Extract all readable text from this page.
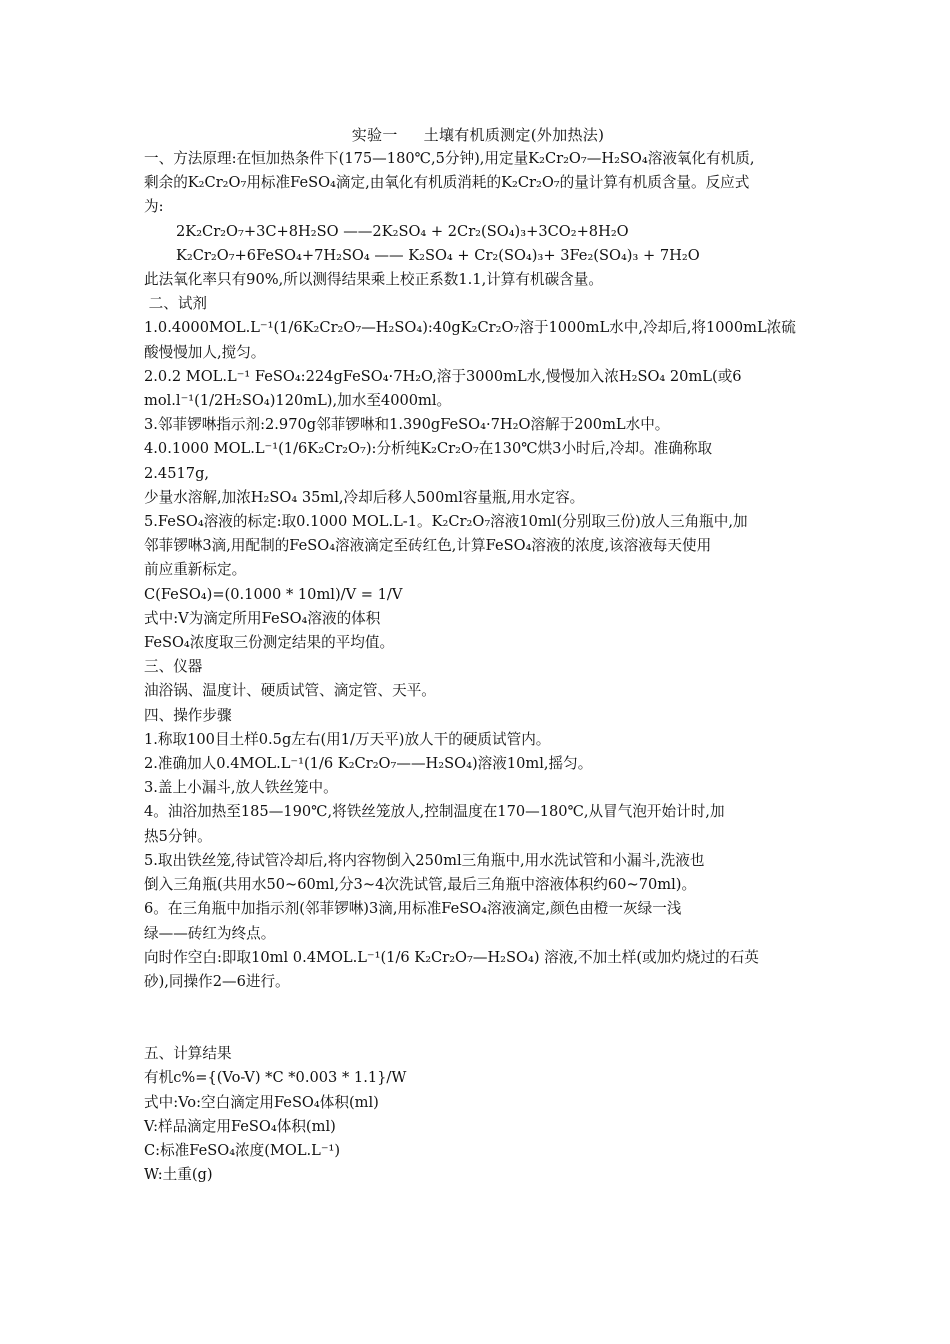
实验一 土壤有机质测定(外加热法)
一、方法原理:在恒加热条件下(175—180℃,5分钟),用定量K₂Cr₂O₇—H₂SO₄溶液氧化有机质,
剩余的K₂Cr₂O₇用标准FeSO₄滴定,由氧化有机质消耗的K₂Cr₂O₇的量计算有机质含量。反应式
为:
2K₂Cr₂O₇+3C+8H₂SO ——2K₂SO₄ + 2Cr₂(SO₄)₃+3CO₂+8H₂O
K₂Cr₂O₇+6FeSO₄+7H₂SO₄ —— K₂SO₄ + Cr₂(SO₄)₃+ 3Fe₂(SO₄)₃ + 7H₂O
此法氧化率只有90%,所以测得结果乘上校正系数1.1,计算有机碳含量。
二、试剂
1.0.4000MOL.L⁻¹(1/6K₂Cr₂O₇—H₂SO₄):40gK₂Cr₂O₇溶于1000mL水中,冷却后,将1000mL浓硫
酸慢慢加人,搅匀。
2.0.2 MOL.L⁻¹ FeSO₄:224gFeSO₄·7H₂O,溶于3000mL水,慢慢加入浓H₂SO₄ 20mL(或6
mol.l⁻¹(1/2H₂SO₄)120mL),加水至4000ml。
3.邻菲锣啉指示剂:2.970g邻菲锣啉和1.390gFeSO₄·7H₂O溶解于200mL水中。
4.0.1000 MOL.L⁻¹(1/6K₂Cr₂O₇):分析纯K₂Cr₂O₇在130℃烘3小时后,冷却。准确称取
2.4517g,
少量水溶解,加浓H₂SO₄ 35ml,冷却后移人500ml容量瓶,用水定容。
5.FeSO₄溶液的标定:取0.1000 MOL.L-1。K₂Cr₂O₇溶液10ml(分别取三份)放人三角瓶中,加
邻菲锣啉3滴,用配制的FeSO₄溶液滴定至砖红色,计算FeSO₄溶液的浓度,该溶液每天使用
前应重新标定。
C(FeSO₄)=(0.1000 * 10ml)/V = 1/V
式中:V为滴定所用FeSO₄溶液的体积
FeSO₄浓度取三份测定结果的平均值。
三、仪器
油浴锅、温度计、硬质试管、滴定管、天平。
四、操作步骤
1.称取100目土样0.5g左右(用1/万天平)放人干的硬质试管内。
2.准确加人0.4MOL.L⁻¹(1/6 K₂Cr₂O₇——H₂SO₄)溶液10ml,摇匀。
3.盖上小漏斗,放人铁丝笼中。
4。油浴加热至185—190℃,将铁丝笼放人,控制温度在170—180℃,从冒气泡开始计时,加
热5分钟。
5.取出铁丝笼,待试管冷却后,将内容物倒入250ml三角瓶中,用水洗试管和小漏斗,洗液也
倒入三角瓶(共用水50~60ml,分3~4次洗试管,最后三角瓶中溶液体积约60~70ml)。
6。在三角瓶中加指示剂(邻菲锣啉)3滴,用标准FeSO₄溶液滴定,颜色由橙一灰绿一浅
绿——砖红为终点。
向时作空白:即取10ml 0.4MOL.L⁻¹(1/6 K₂Cr₂O₇—H₂SO₄) 溶液,不加土样(或加灼烧过的石英
砂),同操作2—6进行。
五、计算结果
有机c%={(Vo-V) *C *0.003 * 1.1}/W
式中:Vo:空白滴定用FeSO₄体积(ml)
V:样品滴定用FeSO₄体积(ml)
C:标准FeSO₄浓度(MOL.L⁻¹)
W:土重(g)
